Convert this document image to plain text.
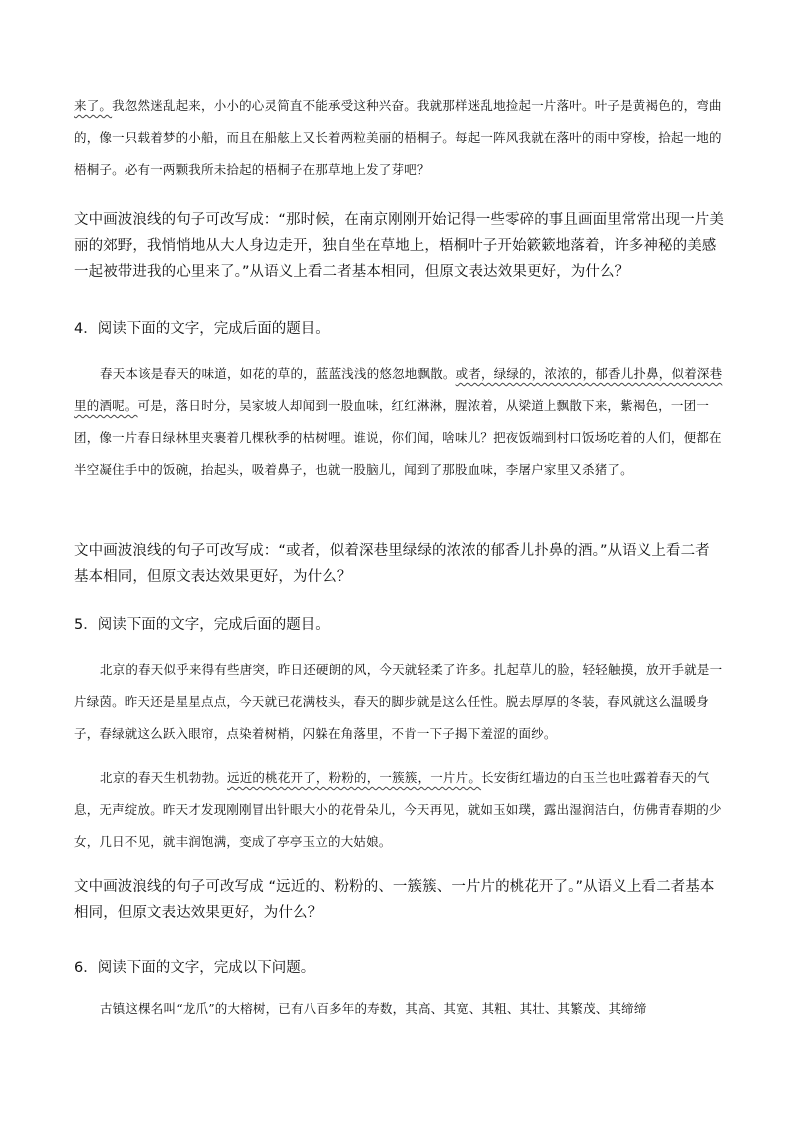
来了。我忽然迷乱起来，小小的心灵简直不能承受这种兴奋。我就那样迷乱地捡起一片落叶。叶子是黄褐色的，弯曲的，像一只载着梦的小船，而且在船舷上又长着两粒美丽的梧桐子。每起一阵风我就在落叶的雨中穿梭，拾起一地的梧桐子。必有一两颗我所未拾起的梧桐子在那草地上发了芽吧？

文中画波浪线的句子可改写成：“那时候，在南京刚刚开始记得一些零碎的事且画面里常常出现一片美丽的郊野，我悄悄地从大人身边走开，独自坐在草地上，梧桐叶子开始簌簌地落着，许多神秘的美感一起被带进我的心里来了。”从语义上看二者基本相同，但原文表达效果更好，为什么？

4．阅读下面的文字，完成后面的题目。

春天本该是春天的味道，如花的草的，蓝蓝浅浅的悠忽地飘散。或者，绿绿的，浓浓的，郁香儿扑鼻，似着深巷里的酒呢。可是，落日时分，吴家坡人却闻到一股血味，红红淋淋，腥浓着，从梁道上飘散下来，紫褐色，一团一团，像一片春日绿林里夹裹着几棵秋季的枯树哩。谁说，你们闻，啥味儿？把夜饭端到村口饭场吃着的人们，便都在半空凝住手中的饭碗，抬起头，吸着鼻子，也就一股脑儿，闻到了那股血味，李屠户家里又杀猪了。

文中画波浪线的句子可改写成：“或者，似着深巷里绿绿的浓浓的郁香儿扑鼻的酒。”从语义上看二者基本相同，但原文表达效果更好，为什么？

5．阅读下面的文字，完成后面的题目。

北京的春天似乎来得有些唐突，昨日还硬朗的风，今天就轻柔了许多。扎起草儿的脸，轻轻触摸，放开手就是一片绿茵。昨天还是星星点点，今天就已花满枝头，春天的脚步就是这么任性。脱去厚厚的冬装，春风就这么温暖身子，春绿就这么跃入眼帘，点染着树梢，闪躲在角落里，不肯一下子揭下羞涩的面纱。

北京的春天生机勃勃。远近的桃花开了，粉粉的，一簇簇，一片片。长安街红墙边的白玉兰也吐露着春天的气息，无声绽放。昨天才发现刚刚冒出针眼大小的花骨朵儿，今天再见，就如玉如璞，露出湿润洁白，仿佛青春期的少女，几日不见，就丰润饱满，变成了亭亭玉立的大姑娘。

文中画波浪线的句子可改写成 “远近的、粉粉的、一簇簇、一片片的桃花开了。”从语义上看二者基本相同，但原文表达效果更好，为什么？

6．阅读下面的文字，完成以下问题。

古镇这棵名叫“龙爪”的大榕树，已有八百多年的寿数，其高、其宽、其粗、其壮、其繁茂、其缔缔
